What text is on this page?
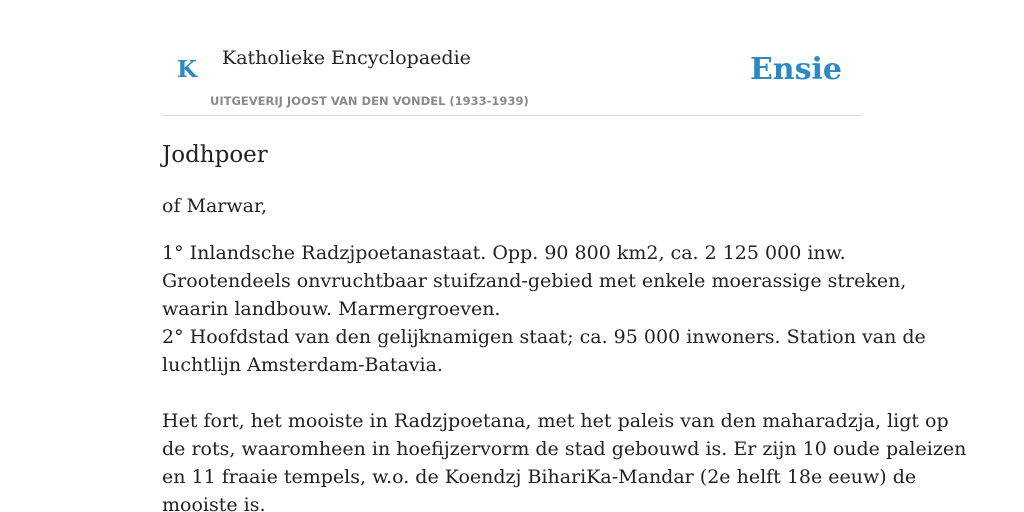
K Katholieke Encyclopaedie
UITGEVERIJ JOOST VAN DEN VONDEL (1933-1939)
Ensie
Jodhpoer

of Marwar,

1° Inlandsche Radzjpoetanastaat. Opp. 90 800 km2, ca. 2 125 000 inw.
Grootendeels onvruchtbaar stuifzand-gebied met enkele moerassige streken,
waarin landbouw. Marmergroeven.
2° Hoofdstad van den gelijknamigen staat; ca. 95 000 inwoners. Station van de
luchtlijn Amsterdam-Batavia.
Het fort, het mooiste in Radzjpoetana, met het paleis van den maharadzja, ligt op
de rots, waaromheen in hoefijzervorm de stad gebouwd is. Er zijn 10 oude paleizen
en 11 fraaie tempels, w.o. de Koendzj BihariKa-Mandar (2e helft 18e eeuw) de
mooiste is.
